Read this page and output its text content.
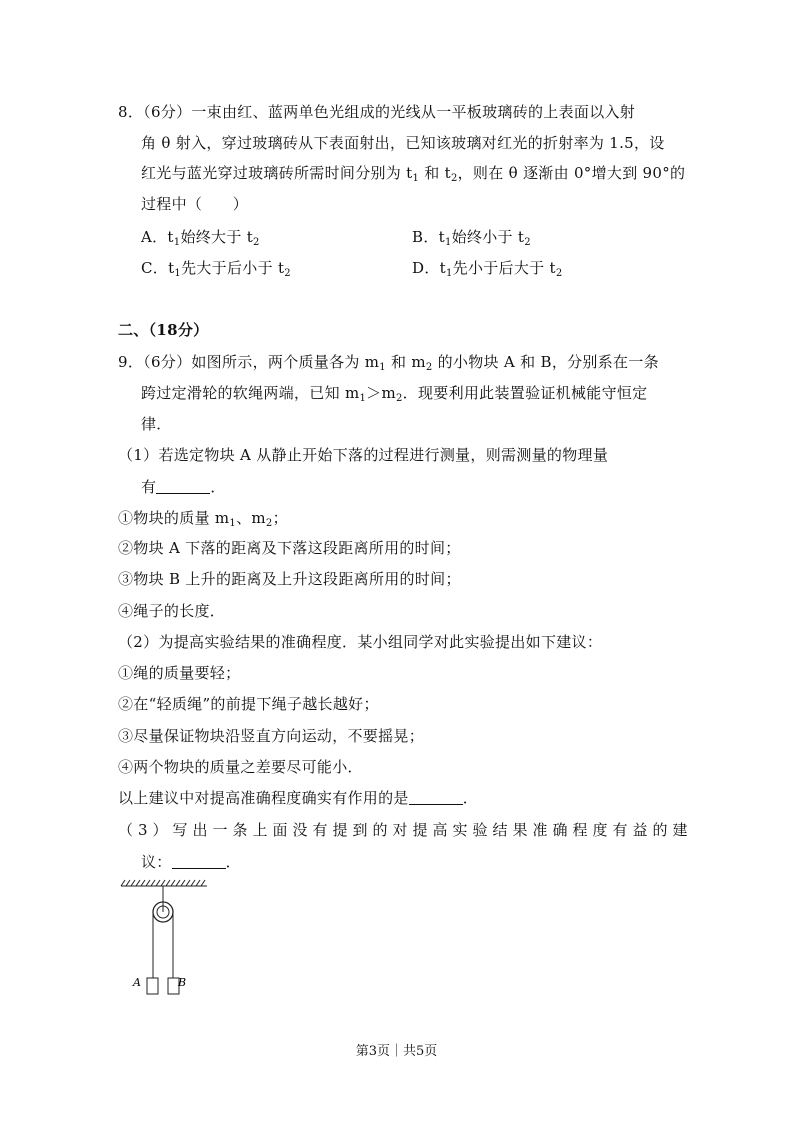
8．（6分）一束由红、蓝两单色光组成的光线从一平板玻璃砖的上表面以入射
角 θ 射入，穿过玻璃砖从下表面射出，已知该玻璃对红光的折射率为 1.5，设
红光与蓝光穿过玻璃砖所需时间分别为 $t_1$ 和 $t_2$，则在 θ 逐渐由 0°增大到 90°的
过程中（　　）
A．$t_1$始终大于 $t_2$	B．$t_1$始终小于 $t_2$
C．$t_1$先大于后小于 $t_2$	D．$t_1$先小于后大于 $t_2$
二、（18分）
9．（6分）如图所示，两个质量各为 $m_1$ 和 $m_2$ 的小物块 A 和 B，分别系在一条
跨过定滑轮的软绳两端，已知 $m_1>m_2$．现要利用此装置验证机械能守恒定
律．
（1）若选定物块 A 从静止开始下落的过程进行测量，则需测量的物理量
有	．
①物块的质量 $m_1$、$m_2$；
②物块 A 下落的距离及下落这段距离所用的时间；
③物块 B 上升的距离及上升这段距离所用的时间；
④绳子的长度．
（2）为提高实验结果的准确程度．某小组同学对此实验提出如下建议：
①绳的质量要轻；
②在“轻质绳”的前提下绳子越长越好；
③尽量保证物块沿竖直方向运动，不要摇晃；
④两个物块的质量之差要尽可能小．
以上建议中对提高准确程度确实有作用的是	．
（3）写出一条上面没有提到的对提高实验结果准确程度有益的建
议：	．
A	B
第3页｜共5页
